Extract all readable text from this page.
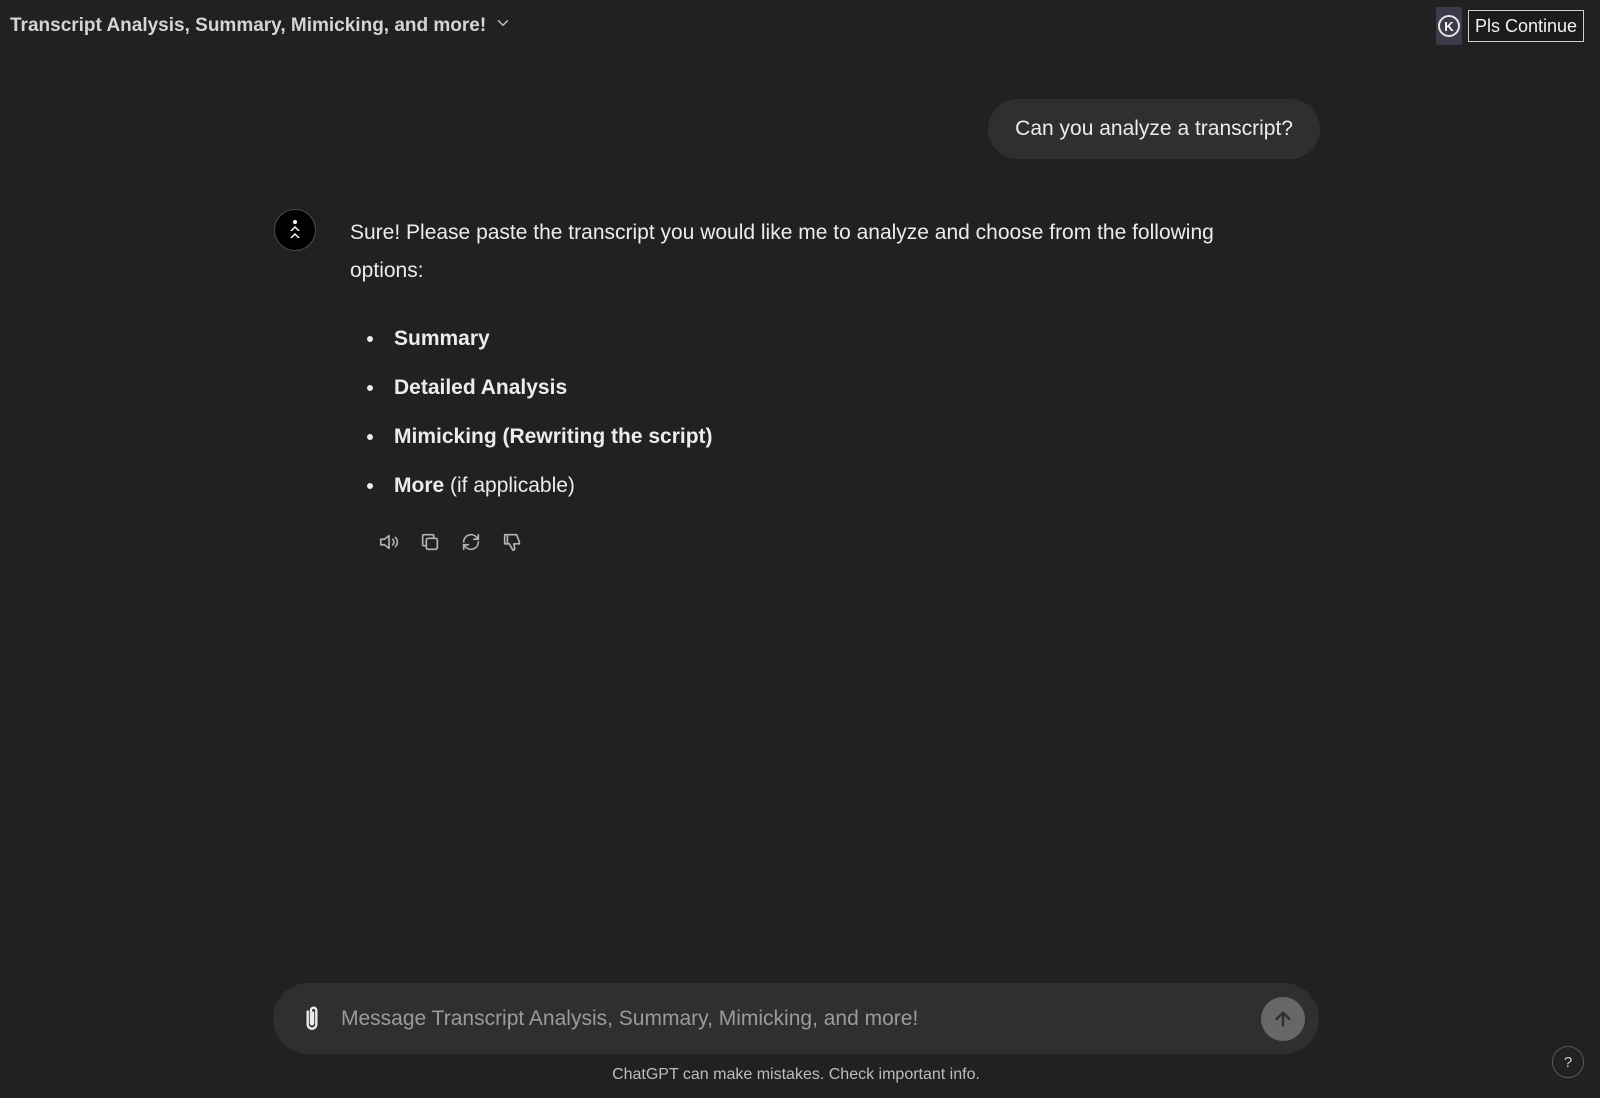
Transcript Analysis, Summary, Mimicking, and more!	K	Pls Continue
Can you analyze a transcript?

Sure! Please paste the transcript you would like me to analyze and choose from the following options:

Summary
Detailed Analysis
Mimicking (Rewriting the script)
More (if applicable)
Message Transcript Analysis, Summary, Mimicking, and more!
ChatGPT can make mistakes. Check important info.
?
